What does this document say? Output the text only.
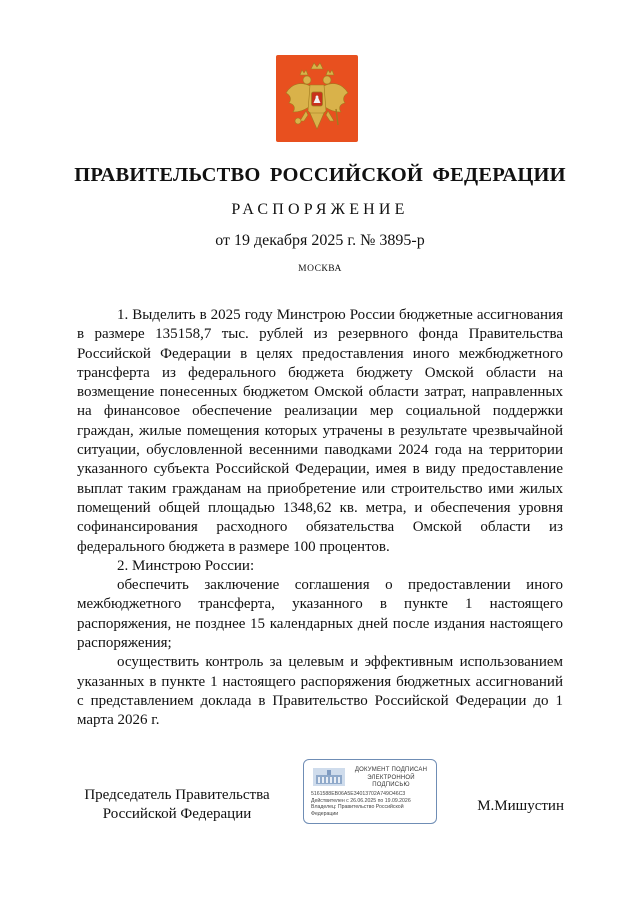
ПРАВИТЕЛЬСТВО РОССИЙСКОЙ ФЕДЕРАЦИИ
РАСПОРЯЖЕНИЕ
от 19 декабря 2025 г. № 3895-р
МОСКВА

1. Выделить в 2025 году Минстрою России бюджетные ассигнования в размере 135158,7 тыс. рублей из резервного фонда Правительства Российской Федерации в целях предоставления иного межбюджетного трансферта из федерального бюджета бюджету Омской области на возмещение понесенных бюджетом Омской области затрат, направленных на финансовое обеспечение реализации мер социальной поддержки граждан, жилые помещения которых утрачены в результате чрезвычайной ситуации, обусловленной весенними паводками 2024 года на территории указанного субъекта Российской Федерации, имея в виду предоставление выплат таким гражданам на приобретение или строительство ими жилых помещений общей площадью 1348,62 кв. метра, и обеспечения уровня софинансирования расходного обязательства Омской области из федерального бюджета в размере 100 процентов.

2. Минстрою России:

обеспечить заключение соглашения о предоставлении иного межбюджетного трансферта, указанного в пункте 1 настоящего распоряжения, не позднее 15 календарных дней после издания настоящего распоряжения;

осуществить контроль за целевым и эффективным использованием указанных в пункте 1 настоящего распоряжения бюджетных ассигнований с представлением доклада в Правительство Российской Федерации до 1 марта 2026 г.

Председатель Правительства
Российской Федерации
ДОКУМЕНТ ПОДПИСАН
ЭЛЕКТРОННОЙ ПОДПИСЬЮ
5161588EB06A5E34013702A749O46C3
Действителен с 26.06.2025 по 19.09.2026
Владелец: Правительство Российской
Федерации	М.Мишустин
